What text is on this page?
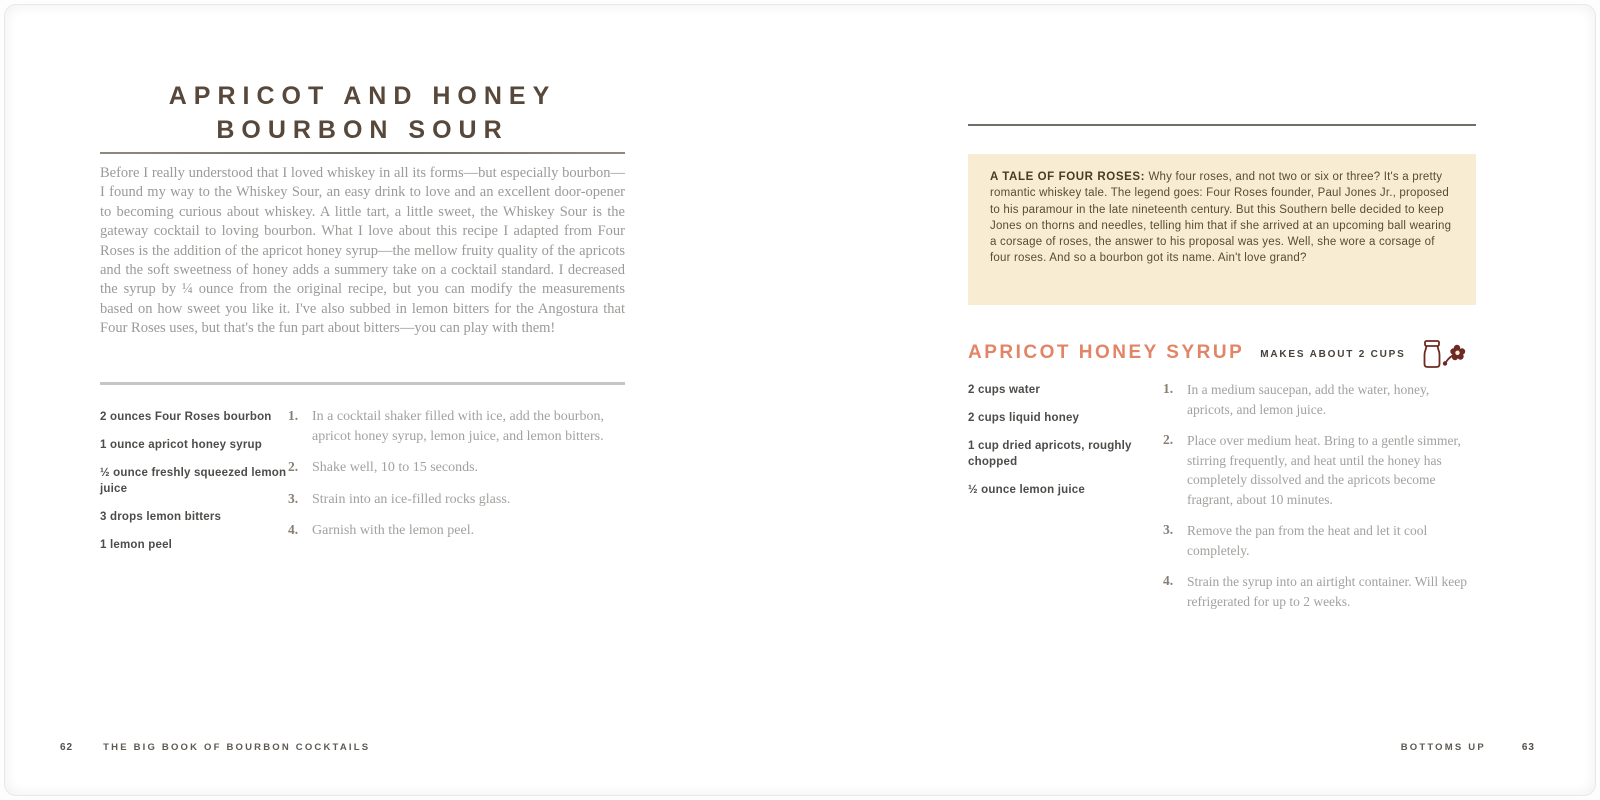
APRICOT AND HONEY
BOURBON SOUR

Before I really understood that I loved whiskey in all its forms—but especially bourbon—I found my way to the Whiskey Sour, an easy drink to love and an excellent door-opener to becoming curious about whiskey. A little tart, a little sweet, the Whiskey Sour is the gateway cocktail to loving bourbon. What I love about this recipe I adapted from Four Roses is the addition of the apricot honey syrup—the mellow fruity quality of the apricots and the soft sweetness of honey adds a summery take on a cocktail standard. I decreased the syrup by ¼ ounce from the original recipe, but you can modify the measurements based on how sweet you like it. I've also subbed in lemon bitters for the Angostura that Four Roses uses, but that's the fun part about bitters—you can play with them!

2 ounces Four Roses bourbon

1 ounce apricot honey syrup

½ ounce freshly squeezed lemon juice

3 drops lemon bitters

1 lemon peel

1. In a cocktail shaker filled with ice, add the bourbon, apricot honey syrup, lemon juice, and lemon bitters.
2. Shake well, 10 to 15 seconds.
3. Strain into an ice-filled rocks glass.
4. Garnish with the lemon peel.
62	THE BIG BOOK OF BOURBON COCKTAILS

A TALE OF FOUR ROSES: Why four roses, and not two or six or three? It's a pretty romantic whiskey tale. The legend goes: Four Roses founder, Paul Jones Jr., proposed to his paramour in the late nineteenth century. But this Southern belle decided to keep Jones on thorns and needles, telling him that if she arrived at an upcoming ball wearing a corsage of roses, the answer to his proposal was yes. Well, she wore a corsage of four roses. And so a bourbon got its name. Ain't love grand?

APRICOT HONEY SYRUP MAKES ABOUT 2 CUPS

2 cups water

2 cups liquid honey

1 cup dried apricots, roughly chopped

½ ounce lemon juice

1.	In a medium saucepan, add the water, honey, apricots, and lemon juice.
2.	Place over medium heat. Bring to a gentle simmer, stirring frequently, and heat until the honey has completely dissolved and the apricots become fragrant, about 10 minutes.
3.	Remove the pan from the heat and let it cool completely.
4.	Strain the syrup into an airtight container. Will keep refrigerated for up to 2 weeks.
BOTTOMS UP	63
